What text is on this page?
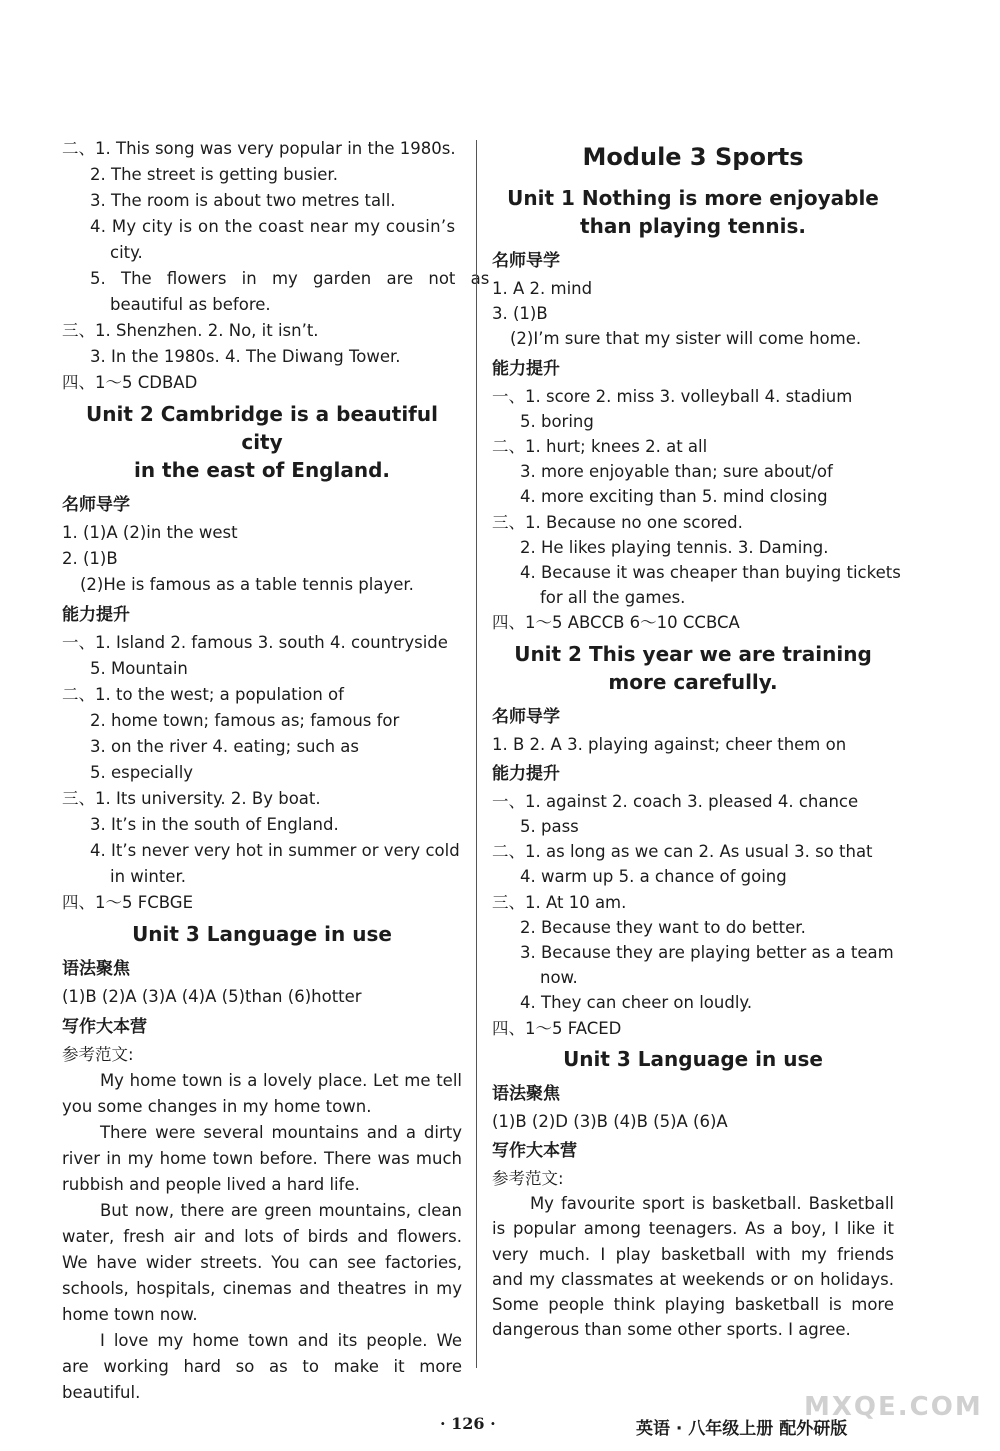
二、1. This song was very popular in the 1980s.
2. The street is getting busier.
3. The room is about two metres tall.
4. My city is on the coast near my cousin’s
city.
5. The flowers in my garden are not as
beautiful as before.
三、1. Shenzhen. 2. No, it isn’t.
3. In the 1980s. 4. The Diwang Tower.
四、1～5 CDBAD
Unit 2 Cambridge is a beautiful city
in the east of England.
名师导学
1. (1)A (2)in the west
2. (1)B
(2)He is famous as a table tennis player.
能力提升
一、1. Island 2. famous 3. south 4. countryside
5. Mountain
二、1. to the west; a population of
2. home town; famous as; famous for
3. on the river 4. eating; such as
5. especially
三、1. Its university. 2. By boat.
3. It’s in the south of England.
4. It’s never very hot in summer or very cold
in winter.
四、1～5 FCBGE
Unit 3 Language in use
语法聚焦
(1)B (2)A (3)A (4)A (5)than (6)hotter
写作大本营
参考范文:
My home town is a lovely place. Let me tell you some changes in my home town.
There were several mountains and a dirty river in my home town before. There was much rubbish and people lived a hard life.
But now, there are green mountains, clean water, fresh air and lots of birds and flowers. We have wider streets. You can see factories, schools, hospitals, cinemas and theatres in my home town now.
I love my home town and its people. We are working hard so as to make it more beautiful.
Module 3 Sports
Unit 1 Nothing is more enjoyable
than playing tennis.
名师导学
1. A 2. mind
3. (1)B
(2)I’m sure that my sister will come home.
能力提升
一、1. score 2. miss 3. volleyball 4. stadium
5. boring
二、1. hurt; knees 2. at all
3. more enjoyable than; sure about/of
4. more exciting than 5. mind closing
三、1. Because no one scored.
2. He likes playing tennis. 3. Daming.
4. Because it was cheaper than buying tickets
for all the games.
四、1～5 ABCCB 6～10 CCBCA
Unit 2 This year we are training
more carefully.
名师导学
1. B 2. A 3. playing against; cheer them on
能力提升
一、1. against 2. coach 3. pleased 4. chance
5. pass
二、1. as long as we can 2. As usual 3. so that
4. warm up 5. a chance of going
三、1. At 10 am.
2. Because they want to do better.
3. Because they are playing better as a team
now.
4. They can cheer on loudly.
四、1～5 FACED
Unit 3 Language in use
语法聚焦
(1)B (2)D (3)B (4)B (5)A (6)A
写作大本营
参考范文:
My favourite sport is basketball. Basketball is popular among teenagers. As a boy, I like it very much. I play basketball with my friends and my classmates at weekends or on holidays. Some people think playing basketball is more dangerous than some other sports. I agree.
· 126 ·	英语 · 八年级上册 配外研版
MXQE.COM
